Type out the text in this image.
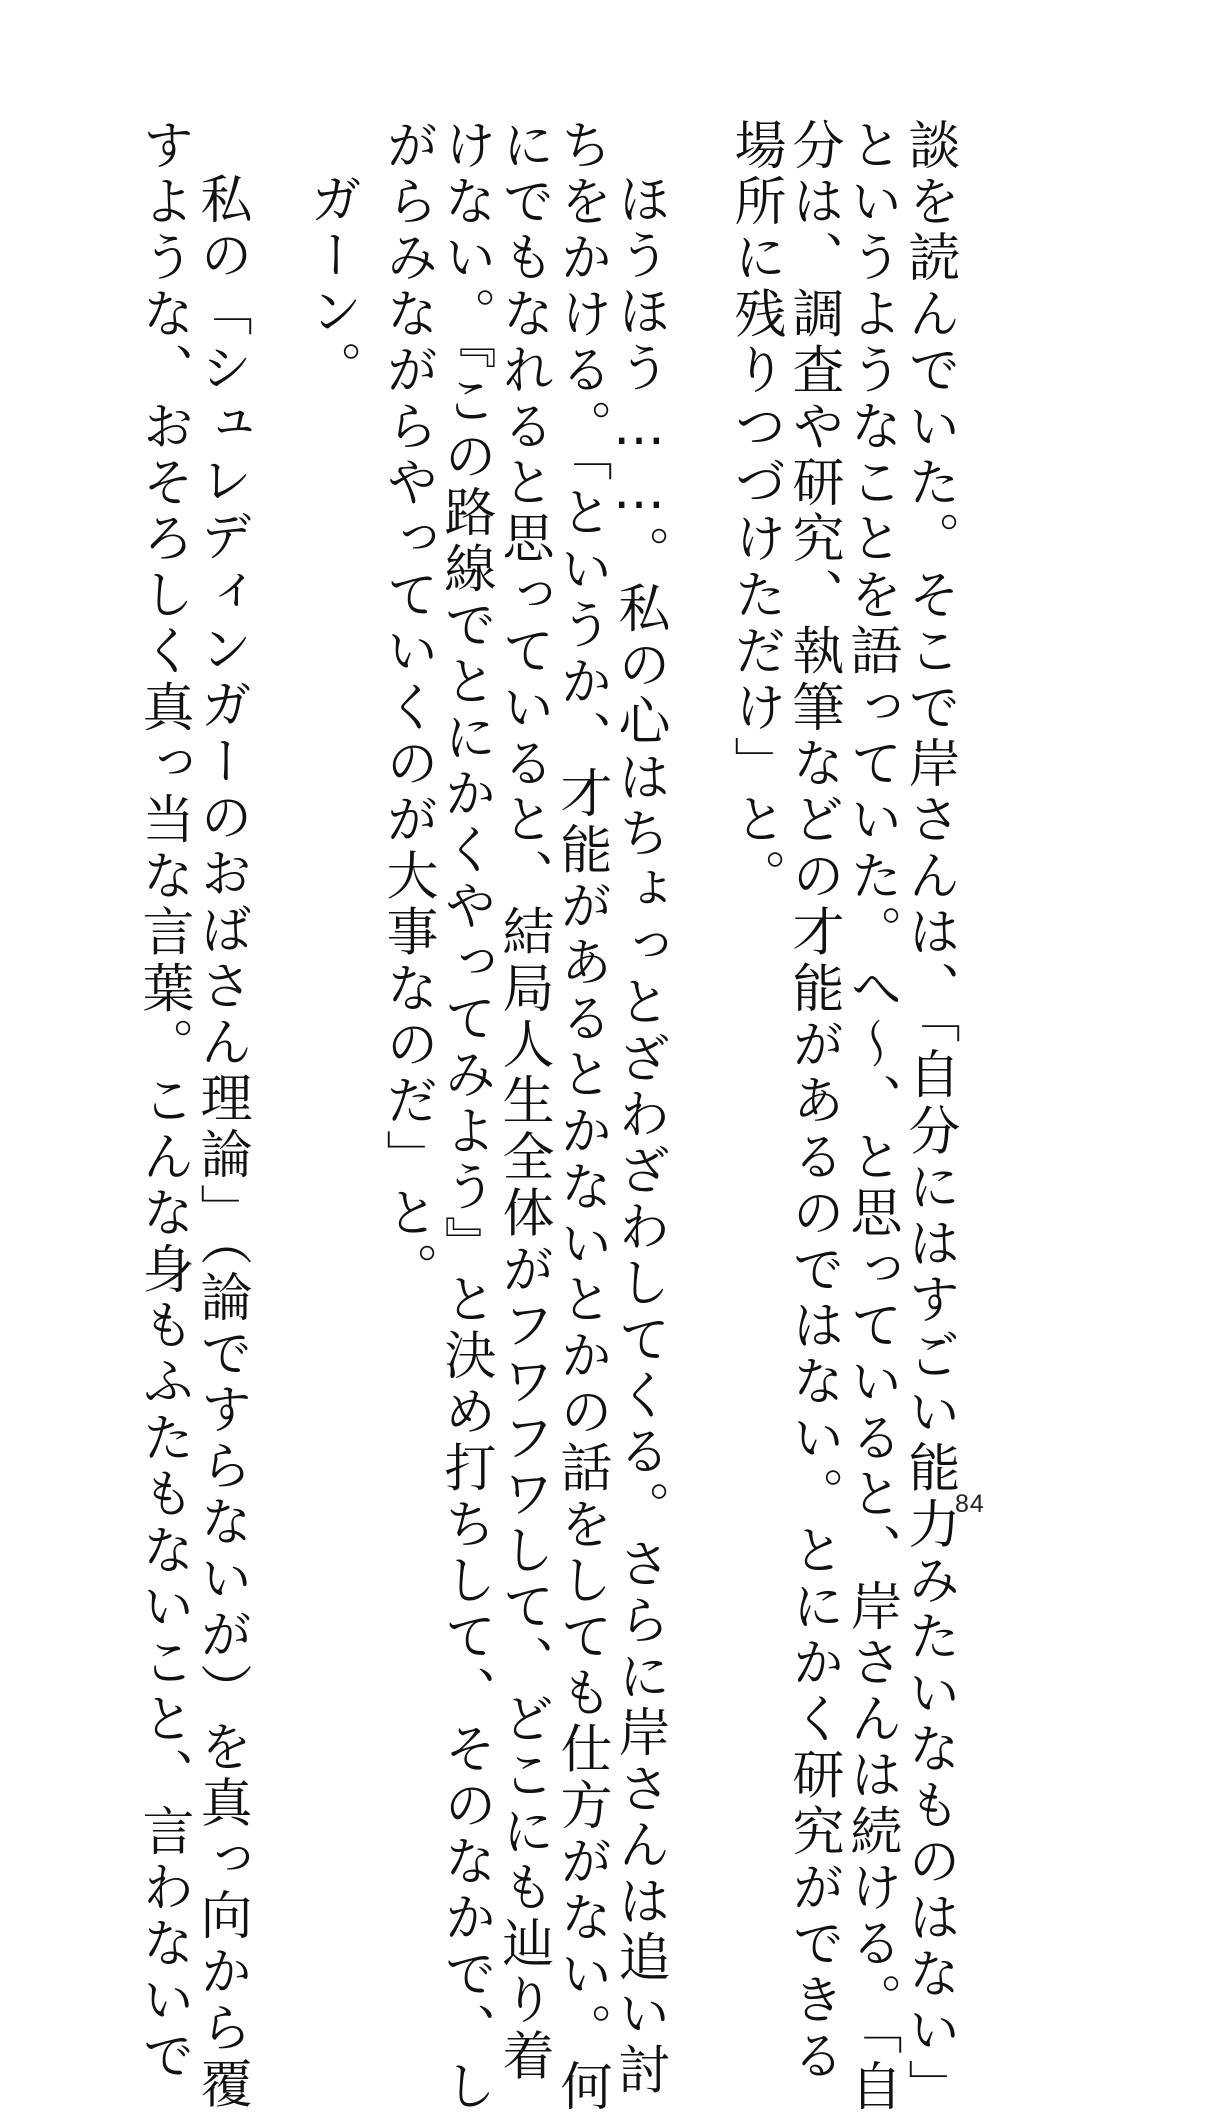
談を読んでいた。そこで岸さんは、「自分にはすごい能力みたいなものはない」
というようなことを語っていた。へ〜、と思っていると、岸さんは続ける。「自
分は、調査や研究、執筆などの才能があるのではない。とにかく研究ができる
場所に残りつづけただけ」と。
ほうほう……。私の心はちょっとざわざわしてくる。さらに岸さんは追い討
ちをかける。「というか、才能があるとかないとかの話をしても仕方がない。何
にでもなれると思っていると、結局人生全体がフワフワして、どこにも辿り着
けない。『この路線でとにかくやってみよう』と決め打ちして、そのなかで、し
がらみながらやっていくのが大事なのだ」と。
ガーン。
私の「シュレディンガーのおばさん理論」（論ですらないが）を真っ向から覆
すような、おそろしく真っ当な言葉。こんな身もふたもないこと、言わないで	84
